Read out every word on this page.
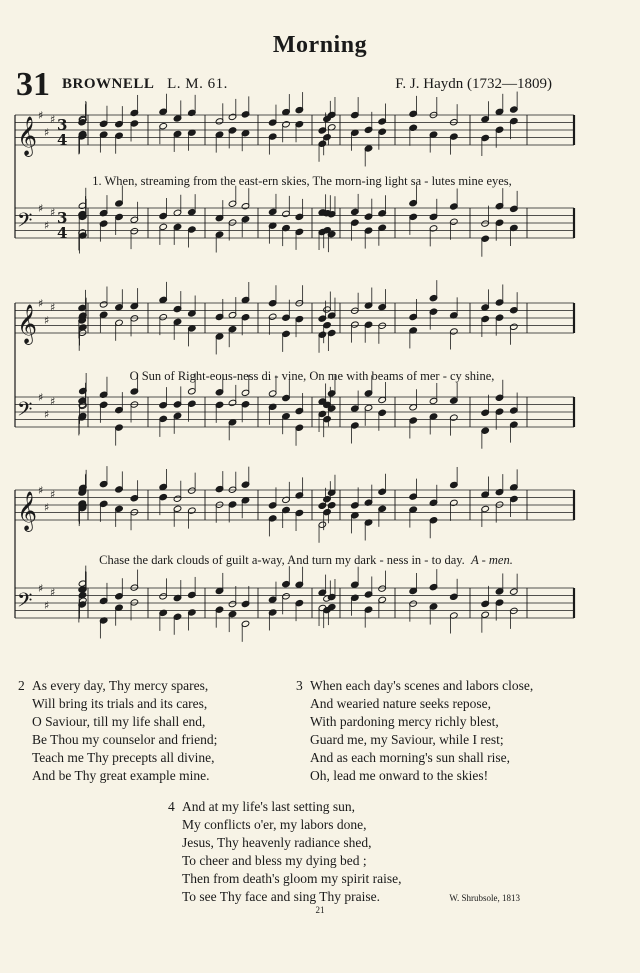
Morning
31 BROWNELL L. M. 61.	F. J. Haydn (1732—1809)
𝄞
♯
♯
♯ 3
4
𝄢 ♯
♯
♯ 3
4
𝄞
♯
♯
♯
𝄢 ♯
♯
♯
𝄞
♯
♯
♯
𝄢 ♯
♯
♯
1. When, streaming from the east-ern skies, The morn-ing light sa - lutes mine eyes,
O Sun of Right-eous-ness di - vine, On me with beams of mer - cy shine,
Chase the dark clouds of guilt a-way, And turn my dark - ness in - to day. A - men.
2 As every day, Thy mercy spares,
Will bring its trials and its cares,
O Saviour, till my life shall end,
Be Thou my counselor and friend;
Teach me Thy precepts all divine,
And be Thy great example mine.
3 When each day's scenes and labors close,
And wearied nature seeks repose,
With pardoning mercy richly blest,
Guard me, my Saviour, while I rest;
And as each morning's sun shall rise,
Oh, lead me onward to the skies!
4 And at my life's last setting sun,
My conflicts o'er, my labors done,
Jesus, Thy heavenly radiance shed,
To cheer and bless my dying bed ;
Then from death's gloom my spirit raise,
To see Thy face and sing Thy praise.	W. Shrubsole, 1813
21
